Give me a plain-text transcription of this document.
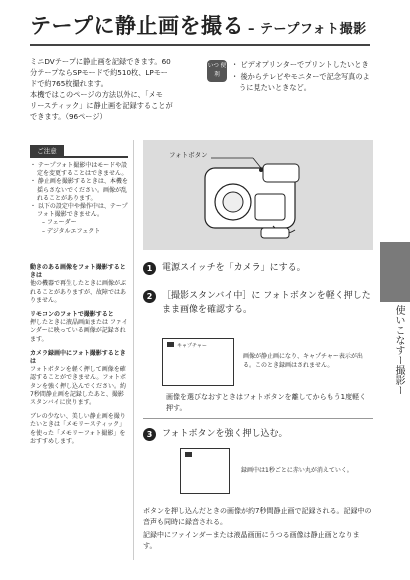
テープに静止画を撮る – テープフォト撮影
ミニDVテープに静止画を記録できます。60
分テープならSPモードで約510枚、LPモー
ドで約765枚撮れます。
本機ではこのページの方法以外に、「メモ
リースティック」に静止画を記録することが
できます。（96ページ）
いつ 便利
・ ビデオプリンターでプリントしたいとき
・ 後からテレビやモニターで記念写真のように見たいときなど。
ご注意
・ テープフォト撮影中はモードや設定を変更することはできません。
・ 静止画を撮影するときは、本機を揺らさないでください。画像が乱れることがあります。
・ 以下の設定中や操作中は、テープフォト撮影できません。
– フェーダー
– デジタルエフェクト
動きのある画像をフォト撮影するときは
他の機器で再生したときに画像がぶれることがありますが、故障ではありません。
リモコンのフォトで撮影すると
押したときに液晶画面または ファインダーに映っている画像が記録されます。
カメラ録画中にフォト撮影するときは
フォトボタンを軽く押して画像を確認することができません。フォトボタンを強く押し込んでください。約7秒間静止画を記録したあと、撮影スタンバイに戻ります。
ブレの少ない、美しい静止画を撮りたいときは「メモリースティック」を使った「メモリーフォト撮影」をおすすめします。
フォトボタン
使いこなすー撮影ー
1	電源スイッチを「カメラ」にする。
2	［撮影スタンバイ中］に フォトボタンを軽く押したまま画像を確認する。
キャプチャー
画像が静止画になり、キャプチャー表示が出る。このとき録画はされません。
画像を選びなおすときはフォトボタンを離してからもう1度軽く押す。
3	フォトボタンを強く押し込む。
録画中は1秒ごとに赤い丸が消えていく。
ボタンを押し込んだときの画像が約7秒間静止画で記録される。記録中の音声も同時に録音される。
記録中にファインダーまたは液晶画面にうつる画像は静止画となります。
